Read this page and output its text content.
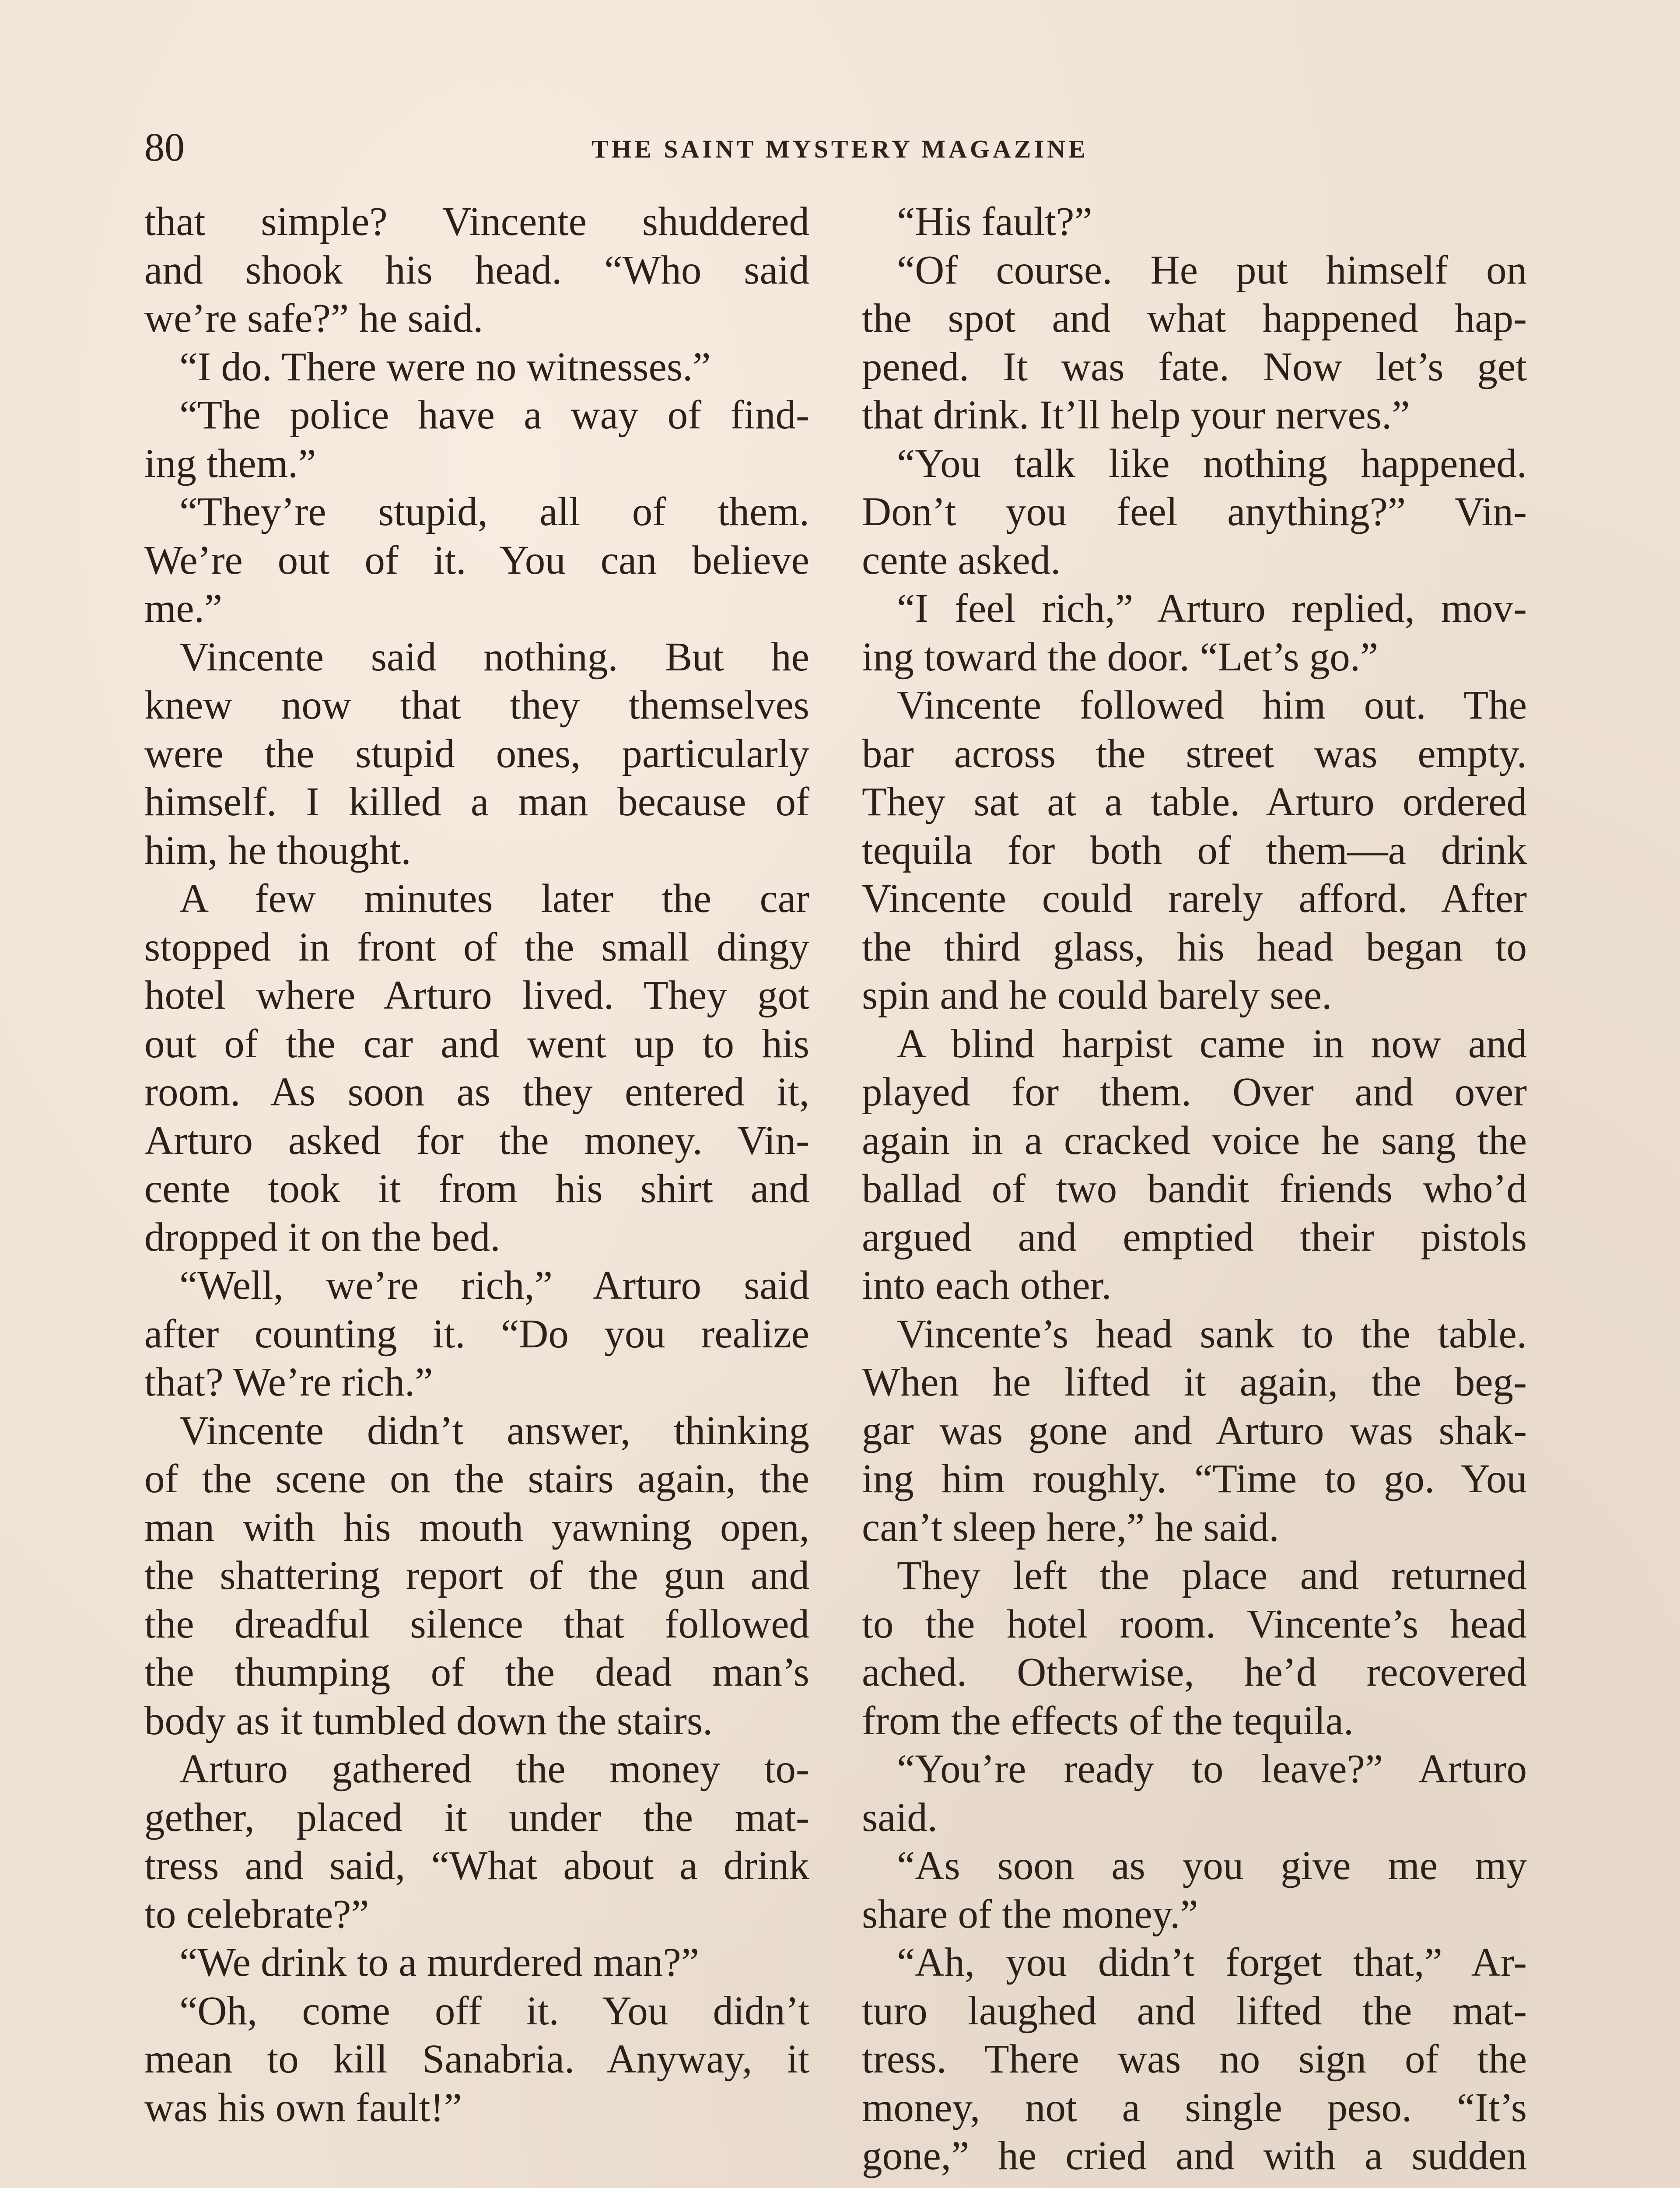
80	THE SAINT MYSTERY MAGAZINE
that simple? Vincente shuddered
and shook his head. “Who said
we’re safe?” he said.
“I do. There were no witnesses.”
“The police have a way of find-
ing them.”
“They’re stupid, all of them.
We’re out of it. You can believe
me.”
Vincente said nothing. But he
knew now that they themselves
were the stupid ones, particularly
himself. I killed a man because of
him, he thought.
A few minutes later the car
stopped in front of the small dingy
hotel where Arturo lived. They got
out of the car and went up to his
room. As soon as they entered it,
Arturo asked for the money. Vin-
cente took it from his shirt and
dropped it on the bed.
“Well, we’re rich,” Arturo said
after counting it. “Do you realize
that? We’re rich.”
Vincente didn’t answer, thinking
of the scene on the stairs again, the
man with his mouth yawning open,
the shattering report of the gun and
the dreadful silence that followed
the thumping of the dead man’s
body as it tumbled down the stairs.
Arturo gathered the money to-
gether, placed it under the mat-
tress and said, “What about a drink
to celebrate?”
“We drink to a murdered man?”
“Oh, come off it. You didn’t
mean to kill Sanabria. Anyway, it
was his own fault!”
“His fault?”
“Of course. He put himself on
the spot and what happened hap-
pened. It was fate. Now let’s get
that drink. It’ll help your nerves.”
“You talk like nothing happened.
Don’t you feel anything?” Vin-
cente asked.
“I feel rich,” Arturo replied, mov-
ing toward the door. “Let’s go.”
Vincente followed him out. The
bar across the street was empty.
They sat at a table. Arturo ordered
tequila for both of them—a drink
Vincente could rarely afford. After
the third glass, his head began to
spin and he could barely see.
A blind harpist came in now and
played for them. Over and over
again in a cracked voice he sang the
ballad of two bandit friends who’d
argued and emptied their pistols
into each other.
Vincente’s head sank to the table.
When he lifted it again, the beg-
gar was gone and Arturo was shak-
ing him roughly. “Time to go. You
can’t sleep here,” he said.
They left the place and returned
to the hotel room. Vincente’s head
ached. Otherwise, he’d recovered
from the effects of the tequila.
“You’re ready to leave?” Arturo
said.
“As soon as you give me my
share of the money.”
“Ah, you didn’t forget that,” Ar-
turo laughed and lifted the mat-
tress. There was no sign of the
money, not a single peso. “It’s
gone,” he cried and with a sudden
